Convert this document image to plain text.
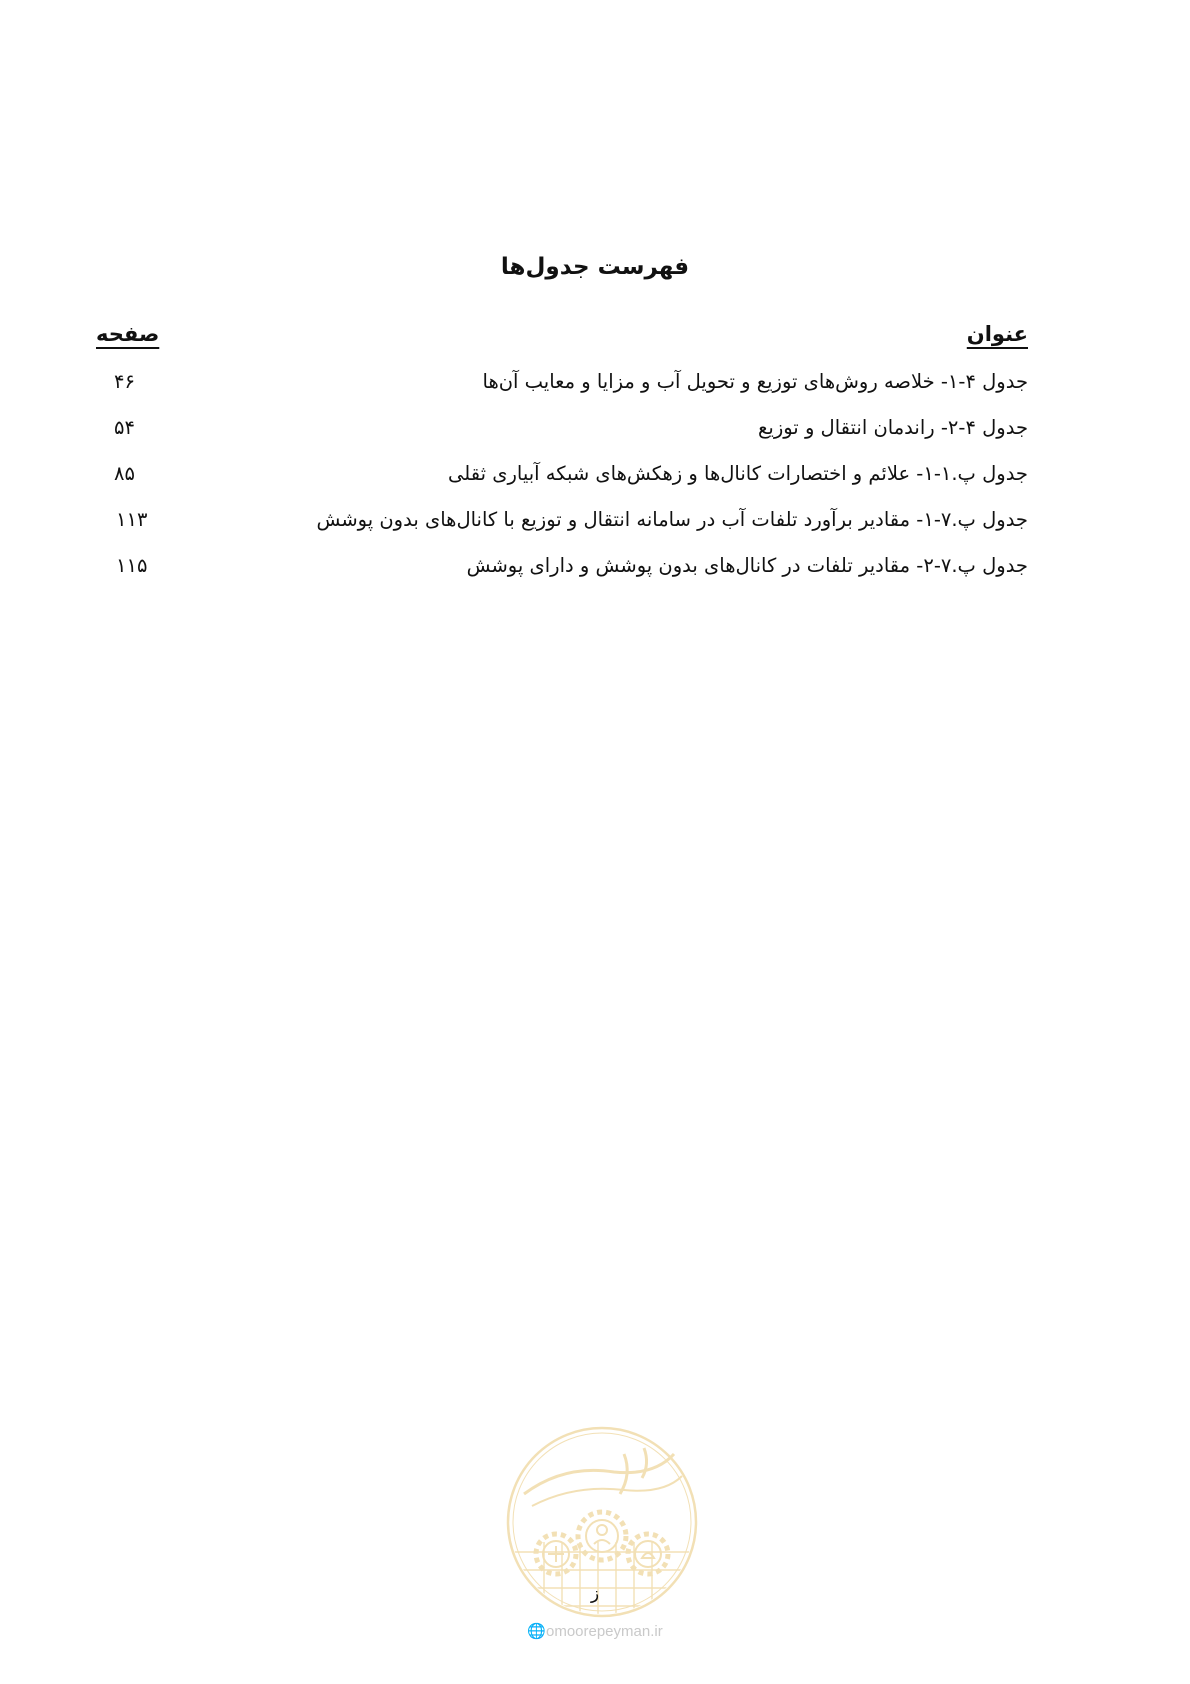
فهرست جدول‌ها
عنوان
صفحه
جدول ۴-۱- خلاصه روش‌های توزیع و تحویل آب و مزایا و معایب آن‌ها
۴۶
جدول ۴-۲- راندمان انتقال و توزیع
۵۴
جدول پ.۱-۱- علائم و اختصارات کانال‌ها و زهکش‌های شبکه آبیاری ثقلی
۸۵
جدول پ.۷-۱- مقادیر برآورد تلفات آب در سامانه انتقال و توزیع با کانال‌های بدون پوشش
۱۱۳
جدول پ.۷-۲- مقادیر تلفات در کانال‌های بدون پوشش و دارای پوشش
۱۱۵
ز
🌐omoorepeyman.ir
